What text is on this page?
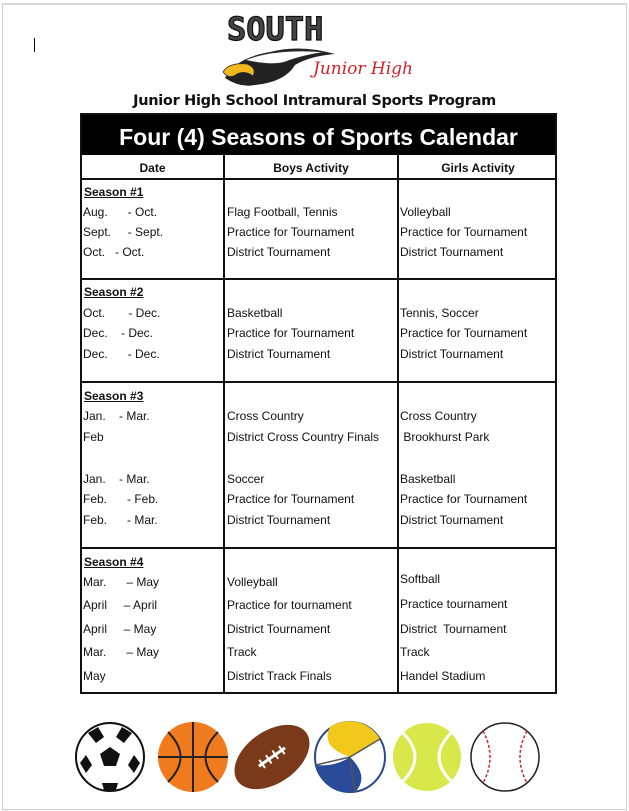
SOUTH
Junior High
Junior High School Intramural Sports Program
Four (4) Seasons of Sports Calendar
Date	Boys Activity	Girls Activity
Season #1
Aug.      - Oct.
Sept.     - Sept.
Oct.   - Oct.
Flag Football, Tennis
Practice for Tournament
District Tournament
Volleyball
Practice for Tournament
District Tournament
Season #2
Oct.       - Dec.
Dec.    - Dec.
Dec.      - Dec.
Basketball
Practice for Tournament
District Tournament
Tennis, Soccer
Practice for Tournament
District Tournament
Season #3
Jan.    - Mar.
Feb
Jan.    - Mar.
Feb.      - Feb.
Feb.      - Mar.
Cross Country
District Cross Country Finals
Soccer
Practice for Tournament
District Tournament
Cross Country
Brookhurst Park
Basketball
Practice for Tournament
District Tournament
Season #4
Mar.      – May
April     – April
April     – May
Mar.      – May
May
Volleyball
Practice for tournament
District Tournament
Track
District Track Finals
Softball
Practice tournament
District  Tournament
Track
Handel Stadium
